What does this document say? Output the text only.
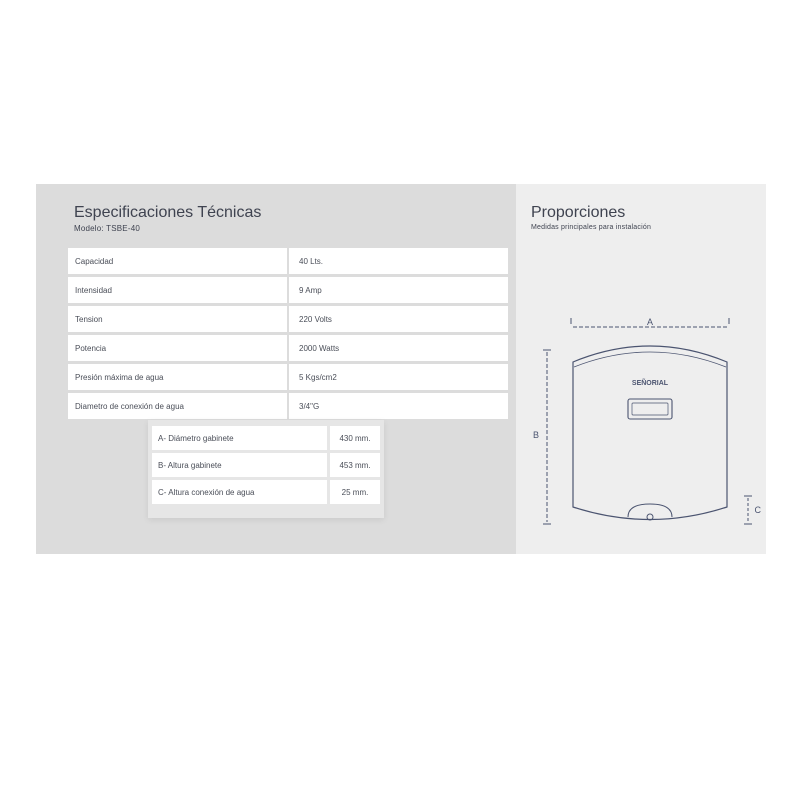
Especificaciones Técnicas
Modelo: TSBE-40
Capacidad	40 Lts.
Intensidad	9 Amp
Tension	220 Volts
Potencia	2000 Watts
Presión máxima de agua	5 Kgs/cm2
Diametro de conexión de agua	3/4"G
A- Diámetro gabinete	430 mm.
B- Altura gabinete	453 mm.
C- Altura conexión de agua	25 mm.
Proporciones
Medidas principales para instalación
A
B
C
SEÑORIAL
